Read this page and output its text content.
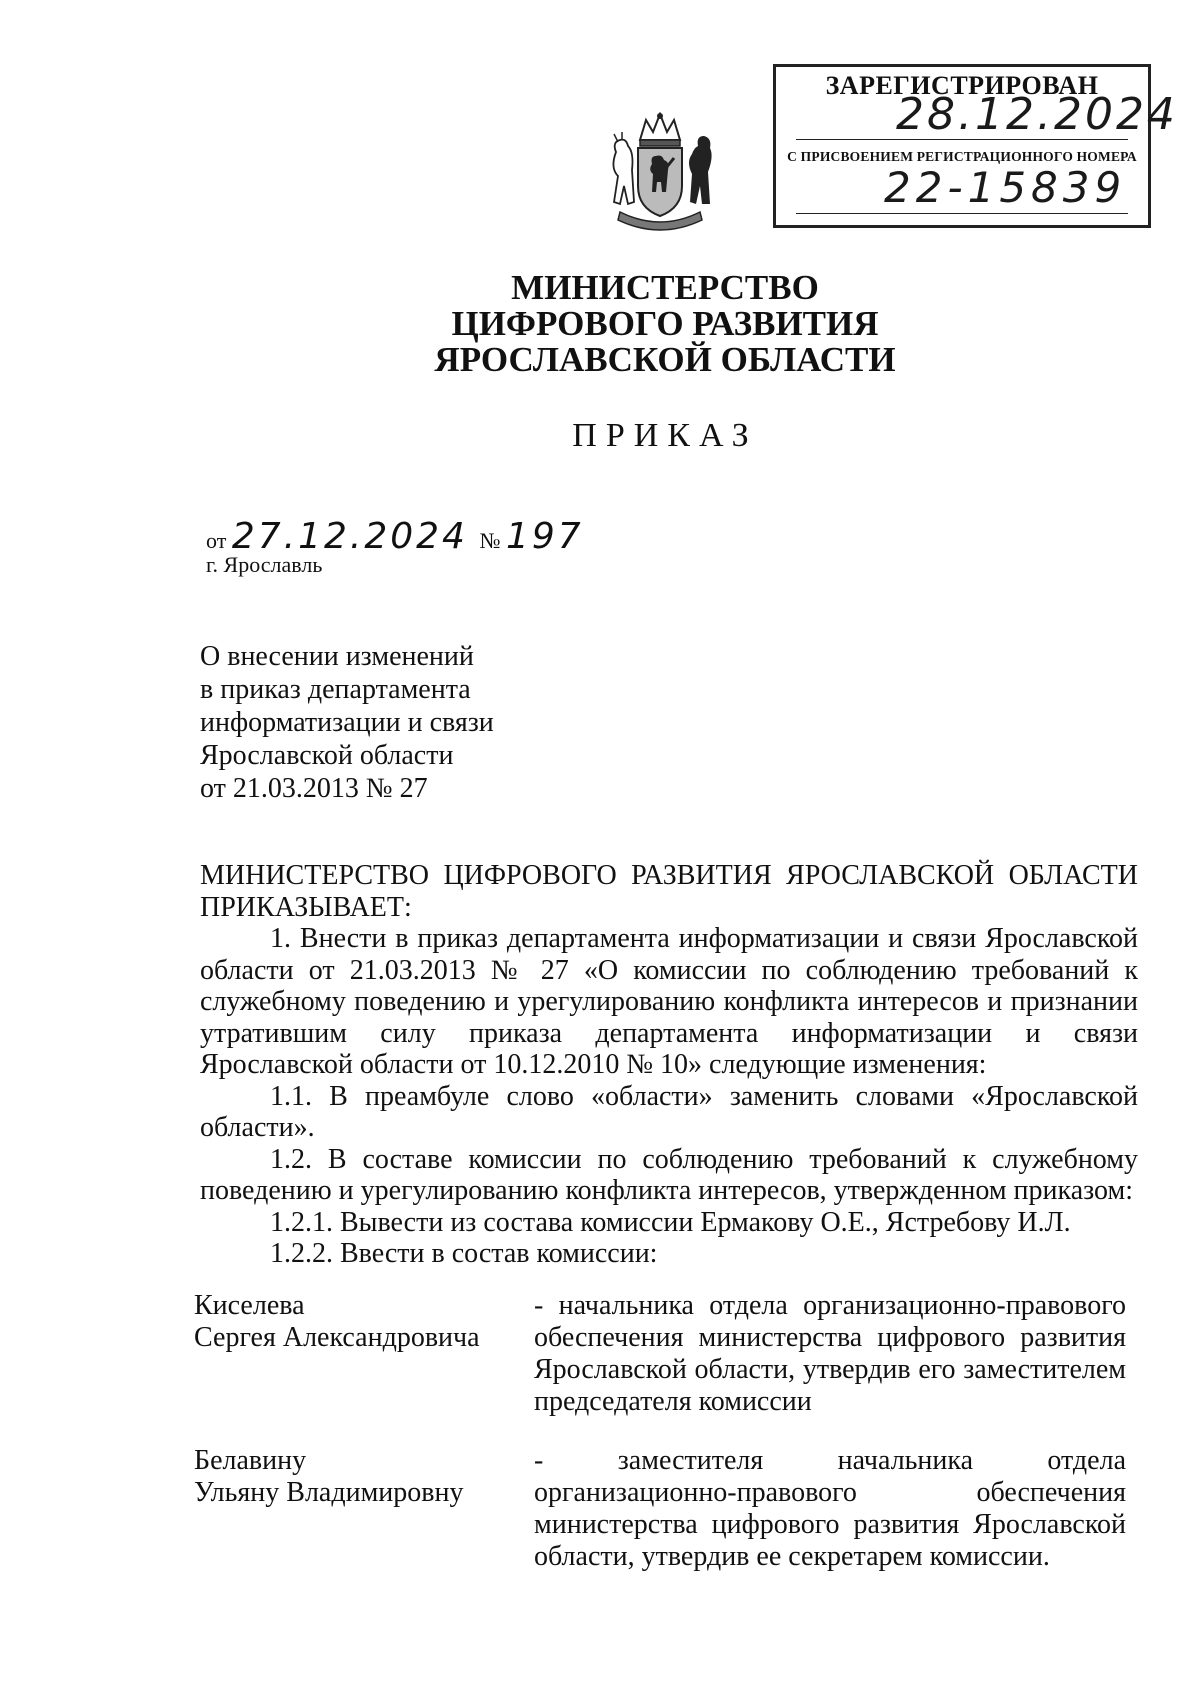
ЗАРЕГИСТРИРОВАН
28.12.2024
С ПРИСВОЕНИЕМ РЕГИСТРАЦИОННОГО НОМЕРА
22-15839
МИНИСТЕРСТВО
ЦИФРОВОГО РАЗВИТИЯ
ЯРОСЛАВСКОЙ ОБЛАСТИ
ПРИКАЗ
от 27.12.2024 № 197
г. Ярославль
О внесении изменений
в приказ департамента
информатизации и связи
Ярославской области
от 21.03.2013 № 27

МИНИСТЕРСТВО ЦИФРОВОГО РАЗВИТИЯ ЯРОСЛАВСКОЙ ОБЛАСТИ ПРИКАЗЫВАЕТ:

1. Внести в приказ департамента информатизации и связи Ярославской области от 21.03.2013 № 27 «О комиссии по соблюдению требований к служебному поведению и урегулированию конфликта интересов и признании утратившим силу приказа департамента информатизации и связи Ярославской области от 10.12.2010 № 10» следующие изменения:

1.1. В преамбуле слово «области» заменить словами «Ярославской области».

1.2. В составе комиссии по соблюдению требований к служебному поведению и урегулированию конфликта интересов, утвержденном приказом:

1.2.1. Вывести из состава комиссии Ермакову О.Е., Ястребову И.Л.

1.2.2. Ввести в состав комиссии:

Киселева
Сергея Александровича
- начальника отдела организационно-правового обеспечения министерства цифрового развития Ярославской области, утвердив его заместителем председателя комиссии
Белавину
Ульяну Владимировну
- заместителя начальника отдела организационно-правового обеспечения министерства цифрового развития Ярославской области, утвердив ее секретарем комиссии.
